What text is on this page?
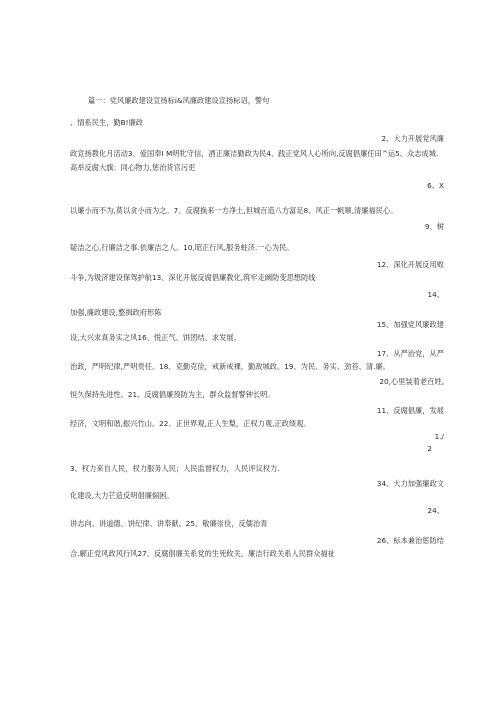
篇一：党风廉政建设宣扬标i&风廉政建设宣扬标诏，警句
、情系民生，勤B!廉政
2、大力开展党风廉
政宣扬教化月活动3、爱国奉I M明牝守信，酒正廉洁勤政为民4、践正党风人心所向,反腐倡廉任田^运5、众志成城.
高举反腐大旗：同心物力,惩治货官污吏
6、X
以廉小而不为,莫以贪小而为之。7、反腐换来一方净土,但城百造八方富足8、风正一帆顺,清廉福民心。
9、树
疑洁之心,行廉洁之事.依廉洁之人。10,昭正行风,服务蛀济.一心为民。
12、深化开展反用败
斗争,为圾济建设保驾护航13、深化开展反腐倡廉教化,筑牢走阚防变思想防线
14、
加强,廉政建设,整揖政府形陈
15、加强党风廉政建
设,大兴求真务实之风16、悦正气、饼团结、求发展。
17、从严治党，从严
治政，严明纪律,严明贵任。18、克勤克俭，戒新戒裸，勤敌城政。19、为民、务实、劲苔、清.廉。
20,心里装着老百姓,
恒久保持先进性。21、反腐倡廉预防为主，群众监督警钟长明。
11、反腐倡廉，发屐
经济，文明和谐,振兴竹山。22、正世界观,正人生梨，正权力观,正政绩观。
1./
2
3、权力来自人民，权力服务人民；人民监督权力，人民评议权力.
34、大力加强廉政文
化建设,大力芒造反明倡廉焖困。
24、
讲志向、讲道德、饼纪律、讲奉献。25、敬廉崇俭，反儒治青
26、标本兼治惩防结
合.解正党风政风行风27、反腐倡廉关系党的生死攸关，廉洁行政关系人民群众福祉
